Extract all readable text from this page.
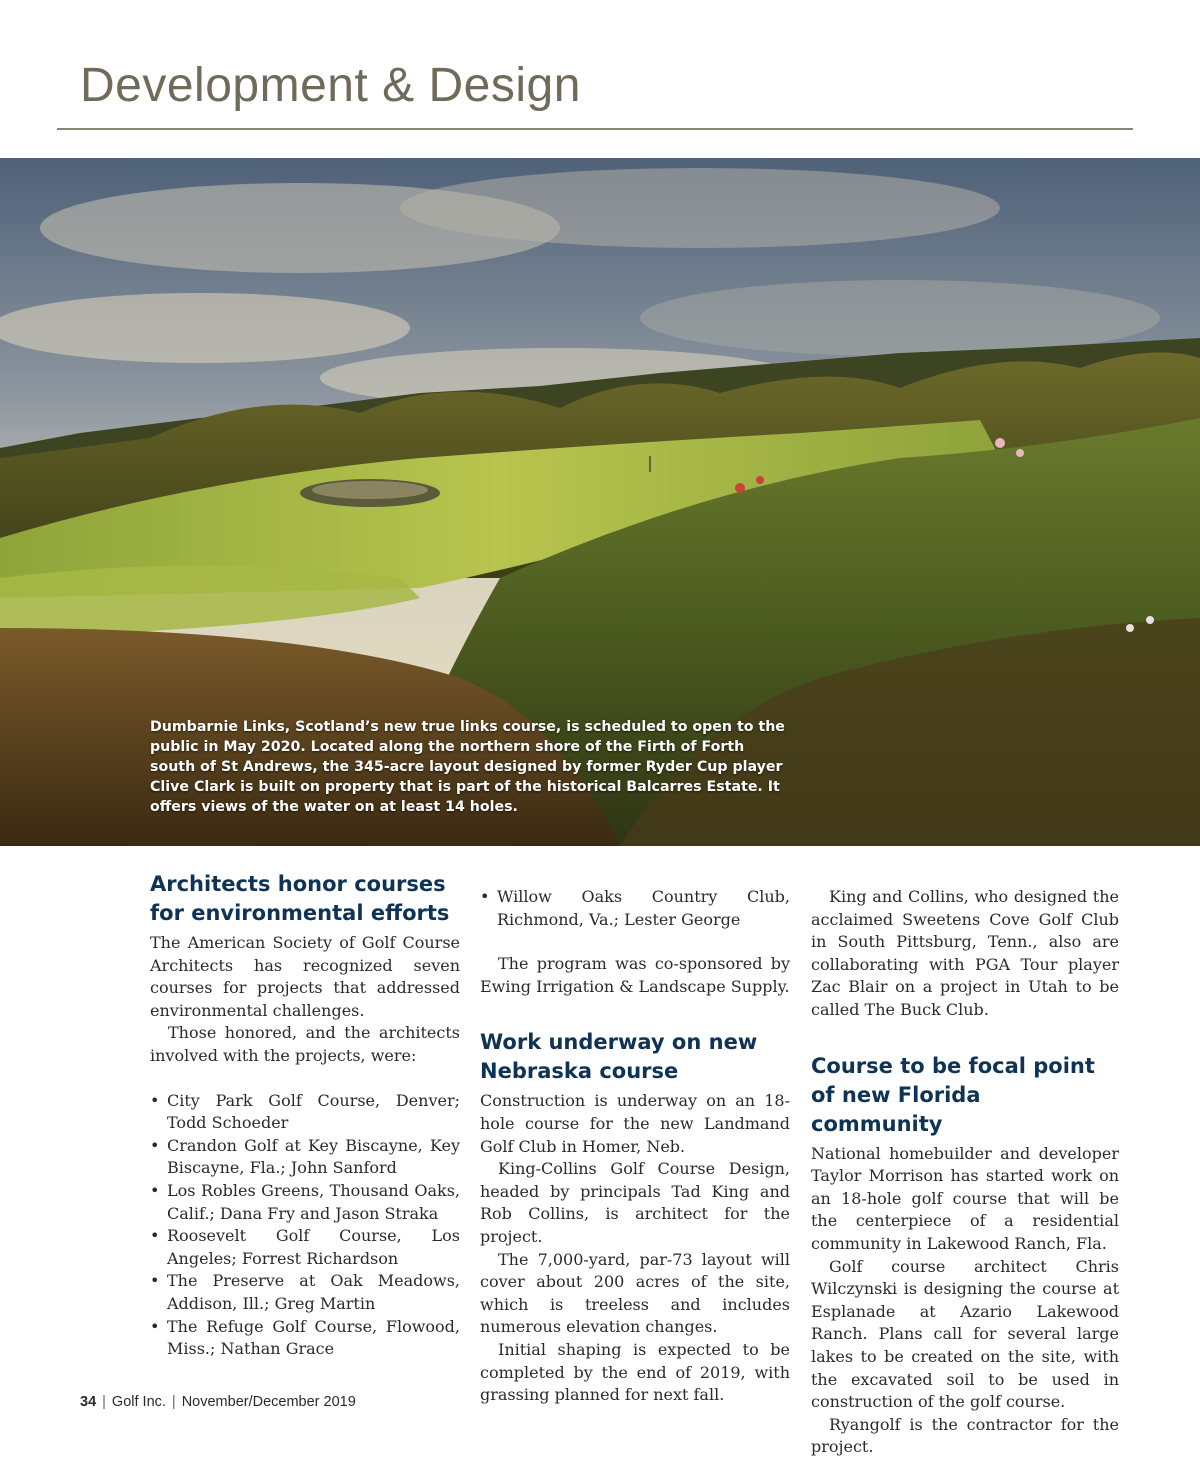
Development & Design
Dumbarnie Links, Scotland’s new true links course, is scheduled to open to the public in May 2020. Located along the northern shore of the Firth of Forth south of St Andrews, the 345-acre layout designed by former Ryder Cup player Clive Clark is built on property that is part of the historical Balcarres Estate. It offers views of the water on at least 14 holes.
Architects honor courses for environmental efforts

The American Society of Golf Course Architects has recognized seven courses for projects that addressed environmental challenges.

Those honored, and the architects involved with the projects, were:

• City Park Golf Course, Denver; Todd Schoeder
• Crandon Golf at Key Biscayne, Key Biscayne, Fla.; John Sanford
• Los Robles Greens, Thousand Oaks, Calif.; Dana Fry and Jason Straka
• Roosevelt Golf Course, Los Angeles; Forrest Richardson
• The Preserve at Oak Meadows, Addison, Ill.; Greg Martin
• The Refuge Golf Course, Flowood, Miss.; Nathan Grace
• Willow Oaks Country Club, Richmond, Va.; Lester George

The program was co-sponsored by Ewing Irrigation & Landscape Supply.

Work underway on new Nebraska course

Construction is underway on an 18-hole course for the new Landmand Golf Club in Homer, Neb.

King-Collins Golf Course Design, headed by principals Tad King and Rob Collins, is architect for the project.

The 7,000-yard, par-73 layout will cover about 200 acres of the site, which is treeless and includes numerous elevation changes.

Initial shaping is expected to be completed by the end of 2019, with grassing planned for next fall.

King and Collins, who designed the acclaimed Sweetens Cove Golf Club in South Pittsburg, Tenn., also are collaborating with PGA Tour player Zac Blair on a project in Utah to be called The Buck Club.

Course to be focal point of new Florida community

National homebuilder and developer Taylor Morrison has started work on an 18-hole golf course that will be the centerpiece of a residential community in Lakewood Ranch, Fla.

Golf course architect Chris Wilczynski is designing the course at Esplanade at Azario Lakewood Ranch. Plans call for several large lakes to be created on the site, with the excavated soil to be used in construction of the golf course.

Ryangolf is the contractor for the project.

34 | Golf Inc. | November/December 2019
